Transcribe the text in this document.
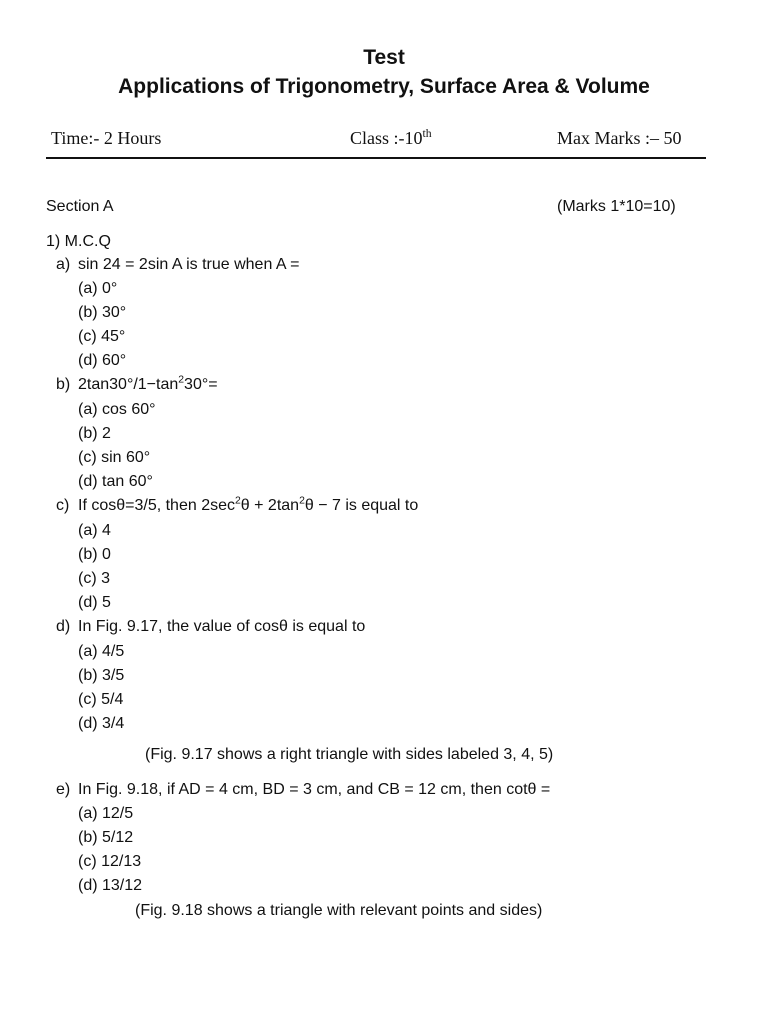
Test
Applications of Trigonometry, Surface Area & Volume
Time:- 2 Hours	Class :-10th	Max Marks :– 50
Section A	(Marks 1*10=10)
1) M.C.Q
a) sin 24 = 2sin A is true when A =
(a) 0°
(b) 30°
(c) 45°
(d) 60°
b) $2\tan 30^\circ/1-\tan^230^\circ=$
(a) cos 60°
(b) 2
(c) sin 60°
(d) tan 60°
c) If cosθ=3/5, then $2\sec^2\theta + 2\tan^2\theta - 7$ is equal to
(a) 4
(b) 0
(c) 3
(d) 5
d) In Fig. 9.17, the value of cosθ is equal to
(a) 4/5
(b) 3/5
(c) 5/4
(d) 3/4
(Fig. 9.17 shows a right triangle with sides labeled 3, 4, 5)
e) In Fig. 9.18, if AD = 4 cm, BD = 3 cm, and CB = 12 cm, then cotθ =
(a) 12/5
(b) 5/12
(c) 12/13
(d) 13/12
(Fig. 9.18 shows a triangle with relevant points and sides)
